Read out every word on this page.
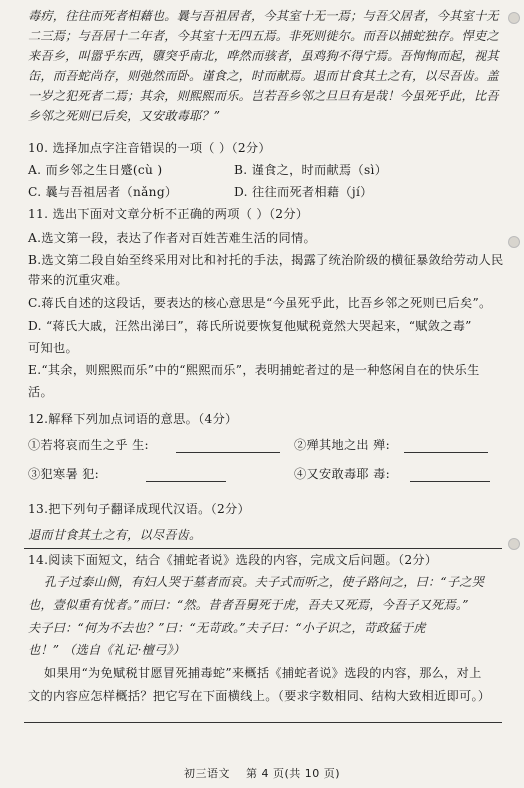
毒疠，往往而死者相藉也。曩与吾祖居者，今其室十无一焉；与吾父居者，今其室十无
二三焉；与吾居十二年者，今其室十无四五焉。非死则徙尔。而吾以捕蛇独存。悍吏之
来吾乡，叫嚣乎东西，隳突乎南北，哗然而骇者，虽鸡狗不得宁焉。吾恂恂而起，视其
缶，而吾蛇尚存，则弛然而卧。谨食之，时而献焉。退而甘食其土之有，以尽吾齿。盖
一岁之犯死者二焉；其余，则熙熙而乐。岂若吾乡邻之旦旦有是哉！今虽死乎此，比吾
乡邻之死则已后矣，又安敢毒耶？”
10. 选择加点字注音错误的一项（ ）（2分）
A. 而乡邻之生日蹙(cù )	B. 谨食之，时而献焉（sì）
C. 曩与吾祖居者（nǎng）	D. 往往而死者相藉（jí）
11. 选出下面对文章分析不正确的两项（ ）（2分）
A.选文第一段，表达了作者对百姓苦难生活的同情。
B.选文第二段自始至终采用对比和衬托的手法，揭露了统治阶级的横征暴敛给劳动人民
带来的沉重灾难。
C.蒋氏自述的这段话，要表达的核心意思是“今虽死乎此，比吾乡邻之死则已后矣”。
D. “蒋氏大戚，汪然出涕曰”，蒋氏所说要恢复他赋税竟然大哭起来，“赋敛之毒”
可知也。
E.“其余，则熙熙而乐”中的“熙熙而乐”，表明捕蛇者过的是一种悠闲自在的快乐生
活。
12.解释下列加点词语的意思。（4分）
①若将哀而生之乎 生:	②殚其地之出 殚:
③犯寒暑 犯:	④又安敢毒耶 毒:
13.把下列句子翻译成现代汉语。（2分）
退而甘食其土之有，以尽吾齿。
14.阅读下面短文，结合《捕蛇者说》选段的内容，完成文后问题。（2分）
孔子过泰山侧，有妇人哭于墓者而哀。夫子式而听之，使子路问之，曰：“子之哭
也，壹似重有忧者。”而曰：“然。昔者吾舅死于虎，吾夫又死焉，今吾子又死焉。”
夫子曰：“何为不去也？”曰：“无苛政。”夫子曰：“小子识之，苛政猛于虎
也！” （选自《礼记·檀弓》）
如果用“为免赋税甘愿冒死捕毒蛇”来概括《捕蛇者说》选段的内容，那么，对上
文的内容应怎样概括？把它写在下面横线上。（要求字数相同、结构大致相近即可。）
初三语文 第 4 页(共 10 页)
